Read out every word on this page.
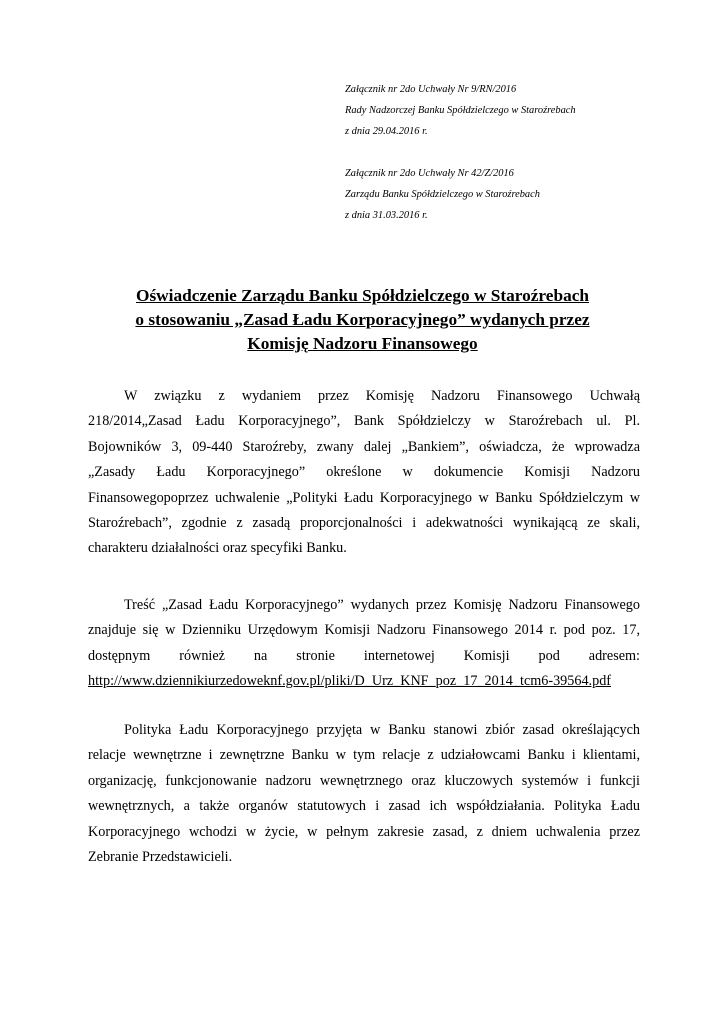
Załącznik nr 2do Uchwały Nr 9/RN/2016
Rady Nadzorczej Banku Spółdzielczego w Staroźrebach
z dnia 29.04.2016 r.
Załącznik nr 2do Uchwały Nr 42/Z/2016
Zarządu Banku Spółdzielczego w Staroźrebach
z dnia 31.03.2016 r.
Oświadczenie Zarządu Banku Spółdzielczego w Staroźrebach
o stosowaniu „Zasad Ładu Korporacyjnego” wydanych przez
Komisję Nadzoru Finansowego
W związku z wydaniem przez Komisję Nadzoru Finansowego Uchwałą
218/2014„Zasad Ładu Korporacyjnego”, Bank Spółdzielczy w Staroźrebach ul. Pl.
Bojowników 3, 09-440 Staroźreby, zwany dalej „Bankiem”, oświadcza, że wprowadza
„Zasady Ładu Korporacyjnego” określone w dokumencie Komisji Nadzoru
Finansowegopoprzez uchwalenie „Polityki Ładu Korporacyjnego w Banku Spółdzielczym w
Staroźrebach”, zgodnie z zasadą proporcjonalności i adekwatności wynikającą ze skali,
charakteru działalności oraz specyfiki Banku.
Treść „Zasad Ładu Korporacyjnego” wydanych przez Komisję Nadzoru Finansowego
znajduje się w Dzienniku Urzędowym Komisji Nadzoru Finansowego 2014 r. pod poz. 17,
dostępnym również na stronie internetowej Komisji pod adresem:
http://www.dziennikiurzedoweknf.gov.pl/pliki/D_Urz_KNF_poz_17_2014_tcm6-39564.pdf
Polityka Ładu Korporacyjnego przyjęta w Banku stanowi zbiór zasad określających
relacje wewnętrzne i zewnętrzne Banku w tym relacje z udziałowcami Banku i klientami,
organizację, funkcjonowanie nadzoru wewnętrznego oraz kluczowych systemów i funkcji
wewnętrznych, a także organów statutowych i zasad ich współdziałania. Polityka Ładu
Korporacyjnego wchodzi w życie, w pełnym zakresie zasad, z dniem uchwalenia przez
Zebranie Przedstawicieli.
